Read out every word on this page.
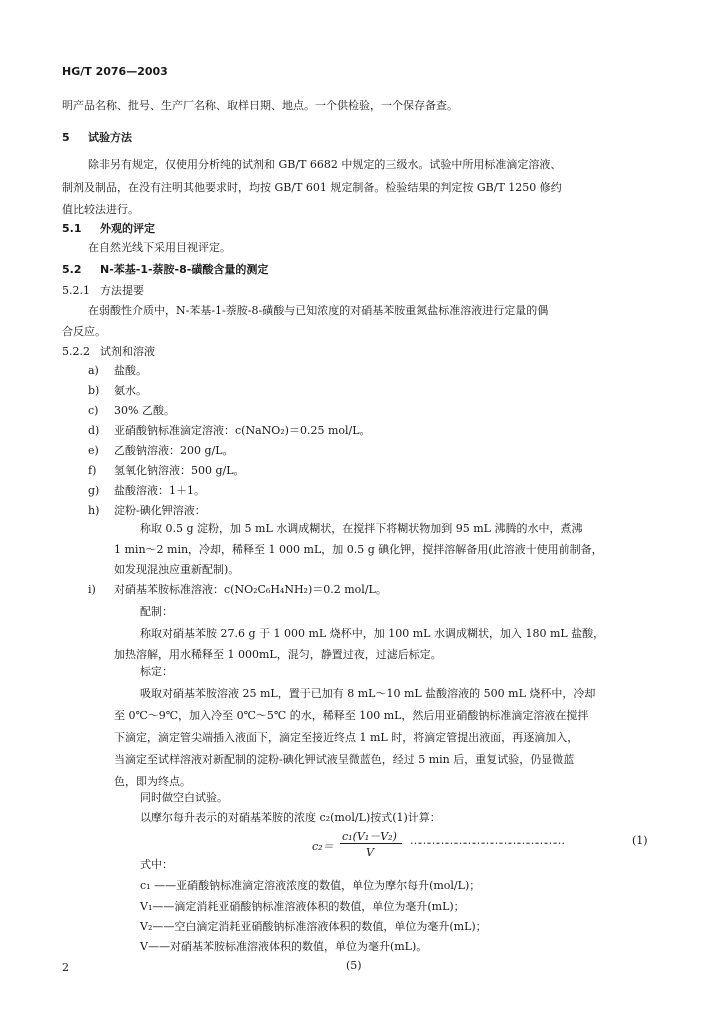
HG/T 2076—2003
明产品名称、批号、生产厂名称、取样日期、地点。一个供检验，一个保存备查。
5 试验方法
除非另有规定，仅使用分析纯的试剂和 GB/T 6682 中规定的三级水。试验中所用标准滴定溶液、
制剂及制品，在没有注明其他要求时，均按 GB/T 601 规定制备。检验结果的判定按 GB/T 1250 修约
值比较法进行。
5.1 外观的评定
在自然光线下采用目视评定。
5.2 N-苯基-1-萘胺-8-磺酸含量的测定
5.2.1 方法提要
在弱酸性介质中，N-苯基-1-萘胺-8-磺酸与已知浓度的对硝基苯胺重氮盐标准溶液进行定量的偶
合反应。
5.2.2 试剂和溶液
a) 盐酸。
b) 氨水。
c) 30% 乙酸。
d) 亚硝酸钠标准滴定溶液：c(NaNO₂)＝0.25 mol/L。
e) 乙酸钠溶液：200 g/L。
f) 氢氧化钠溶液：500 g/L。
g) 盐酸溶液：1＋1。
h) 淀粉-碘化钾溶液：
称取 0.5 g 淀粉，加 5 mL 水调成糊状，在搅拌下将糊状物加到 95 mL 沸腾的水中，煮沸
1 min～2 min，冷却，稀释至 1 000 mL，加 0.5 g 碘化钾，搅拌溶解备用(此溶液十使用前制备，
如发现混浊应重新配制)。
i) 对硝基苯胺标准溶液：c(NO₂C₆H₄NH₂)＝0.2 mol/L。
配制：
称取对硝基苯胺 27.6 g 于 1 000 mL 烧杯中，加 100 mL 水调成糊状，加入 180 mL 盐酸，
加热溶解，用水稀释至 1 000mL，混匀，静置过夜，过滤后标定。
标定：
吸取对硝基苯胺溶液 25 mL，置于已加有 8 mL～10 mL 盐酸溶液的 500 mL 烧杯中，冷却
至 0℃～9℃，加入冷至 0℃～5℃ 的水，稀释至 100 mL，然后用亚硝酸钠标准滴定溶液在搅拌
下滴定，滴定管尖端插入液面下，滴定至接近终点 1 mL 时，将滴定管提出液面，再逐滴加入，
当滴定至试样溶液对新配制的淀粉-碘化钾试液呈微蓝色，经过 5 min 后，重复试验，仍显微蓝
色，即为终点。
同时做空白试验。
以摩尔每升表示的对硝基苯胺的浓度 c₂(mol/L)按式(1)计算：
c₂＝
c₁(V₁－V₂)
V
……………………………………………	(1)
式中：
c₁ ——亚硝酸钠标准滴定溶液浓度的数值，单位为摩尔每升(mol/L)；
V₁——滴定消耗亚硝酸钠标准溶液体积的数值，单位为毫升(mL)；
V₂——空白滴定消耗亚硝酸钠标准溶液体积的数值，单位为毫升(mL)；
V——对硝基苯胺标准溶液体积的数值，单位为毫升(mL)。
2	(5)
